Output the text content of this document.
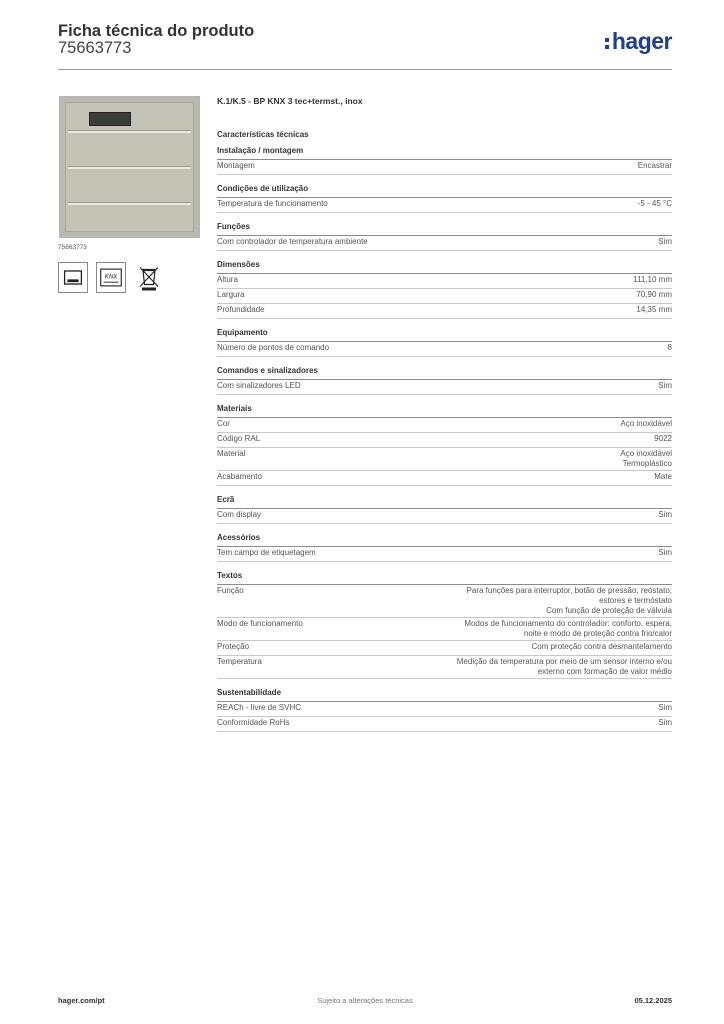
Ficha técnica do produto
75663773	hager
75663773
KNX
K.1/K.5 - BP KNX 3 tec+termst., inox
Características técnicas
Instalação / montagem
Montagem	Encastrar
Condições de utilização
Temperatura de funcionamento	-5 - 45 °C
Funções
Com controlador de temperatura ambiente	Sim
Dimensões
Altura	111,10 mm
Largura	70,90 mm
Profundidade	14,35 mm
Equipamento
Número de pontos de comando	8
Comandos e sinalizadores
Com sinalizadores LED	Sim
Materiais
Cor	Aço inoxidável
Código RAL	9022
Material	Aço inoxidável
Termoplástico
Acabamento	Mate
Ecrã
Com display	Sim
Acessórios
Tem campo de etiquetagem	Sim
Textos
Função	Para funções para interruptor, botão de pressão, reóstato,
estores e termóstato
Com função de proteção de válvula
Modo de funcionamento	Modos de funcionamento do controlador: conforto, espera,
noite e modo de proteção contra frio/calor
Proteção	Com proteção contra desmantelamento
Temperatura	Medição da temperatura por meio de um sensor interno e/ou
externo com formação de valor médio
Sustentabilidade
REACh - livre de SVHC	Sim
Conformidade RoHs	Sim
hager.com/pt	Sujeito a alterações técnicas	05.12.2025
